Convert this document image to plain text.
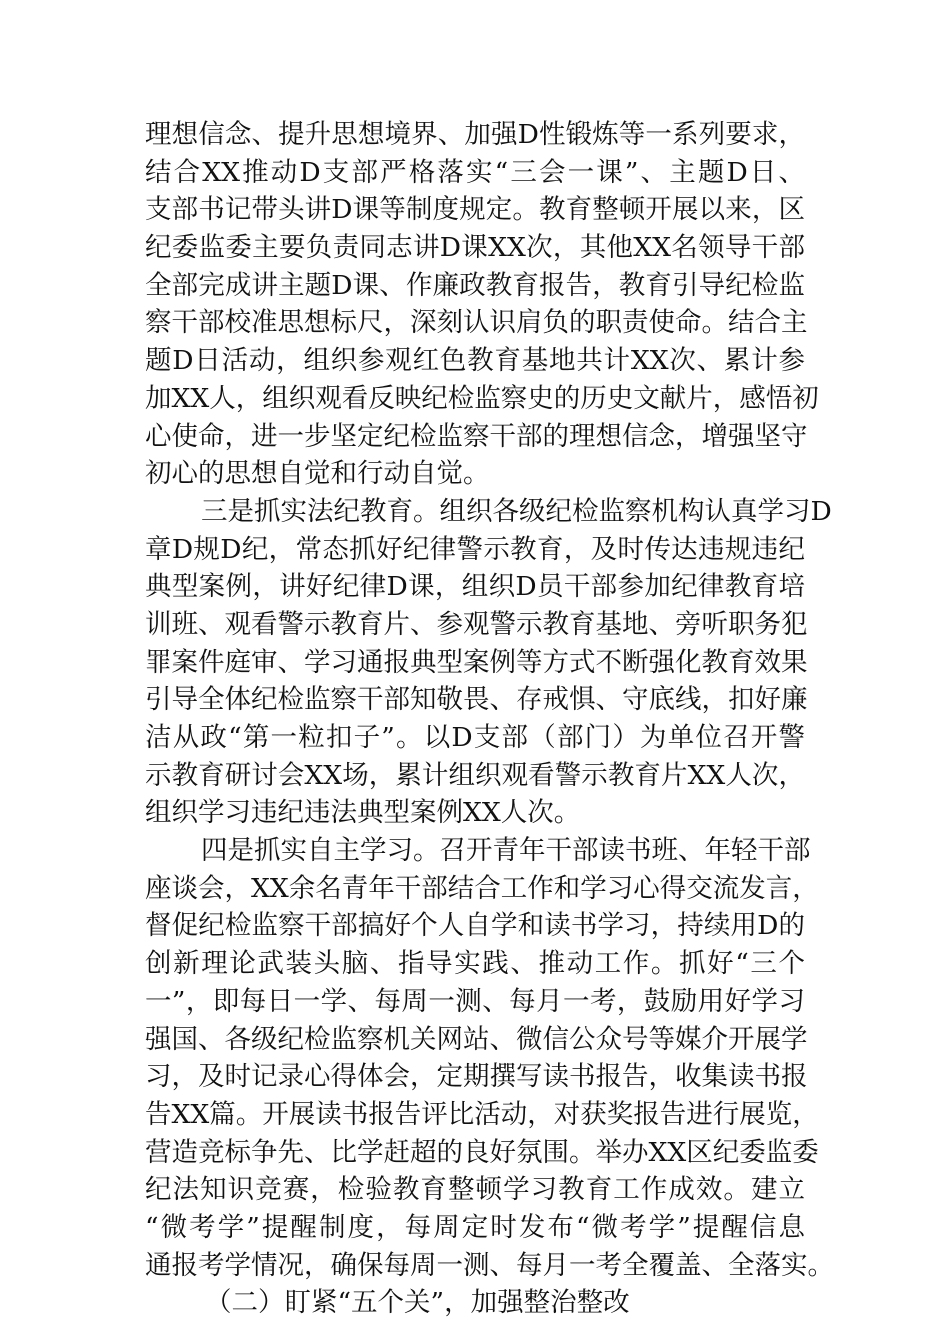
理想信念、提升思想境界、加强D性锻炼等一系列要求，
结合XX推动D支部严格落实“三会一课”、主题D日、
支部书记带头讲D课等制度规定。教育整顿开展以来，区
纪委监委主要负责同志讲D课XX次，其他XX名领导干部
全部完成讲主题D课、作廉政教育报告，教育引导纪检监
察干部校准思想标尺，深刻认识肩负的职责使命。结合主
题D日活动，组织参观红色教育基地共计XX次、累计参
加XX人，组织观看反映纪检监察史的历史文献片，感悟初
心使命，进一步坚定纪检监察干部的理想信念，增强坚守
初心的思想自觉和行动自觉。
三是抓实法纪教育。组织各级纪检监察机构认真学习D
章D规D纪，常态抓好纪律警示教育，及时传达违规违纪
典型案例，讲好纪律D课，组织D员干部参加纪律教育培
训班、观看警示教育片、参观警示教育基地、旁听职务犯
罪案件庭审、学习通报典型案例等方式不断强化教育效果
引导全体纪检监察干部知敬畏、存戒惧、守底线，扣好廉
洁从政“第一粒扣子”。以D支部（部门）为单位召开警
示教育研讨会XX场，累计组织观看警示教育片XX人次，
组织学习违纪违法典型案例XX人次。
四是抓实自主学习。召开青年干部读书班、年轻干部
座谈会，XX余名青年干部结合工作和学习心得交流发言，
督促纪检监察干部搞好个人自学和读书学习，持续用D的
创新理论武装头脑、指导实践、推动工作。抓好“三个
一”，即每日一学、每周一测、每月一考，鼓励用好学习
强国、各级纪检监察机关网站、微信公众号等媒介开展学
习，及时记录心得体会，定期撰写读书报告，收集读书报
告XX篇。开展读书报告评比活动，对获奖报告进行展览，
营造竞标争先、比学赶超的良好氛围。举办XX区纪委监委
纪法知识竞赛，检验教育整顿学习教育工作成效。建立
“微考学”提醒制度，每周定时发布“微考学”提醒信息
通报考学情况，确保每周一测、每月一考全覆盖、全落实。
（二）盯紧“五个关”，加强整治整改
